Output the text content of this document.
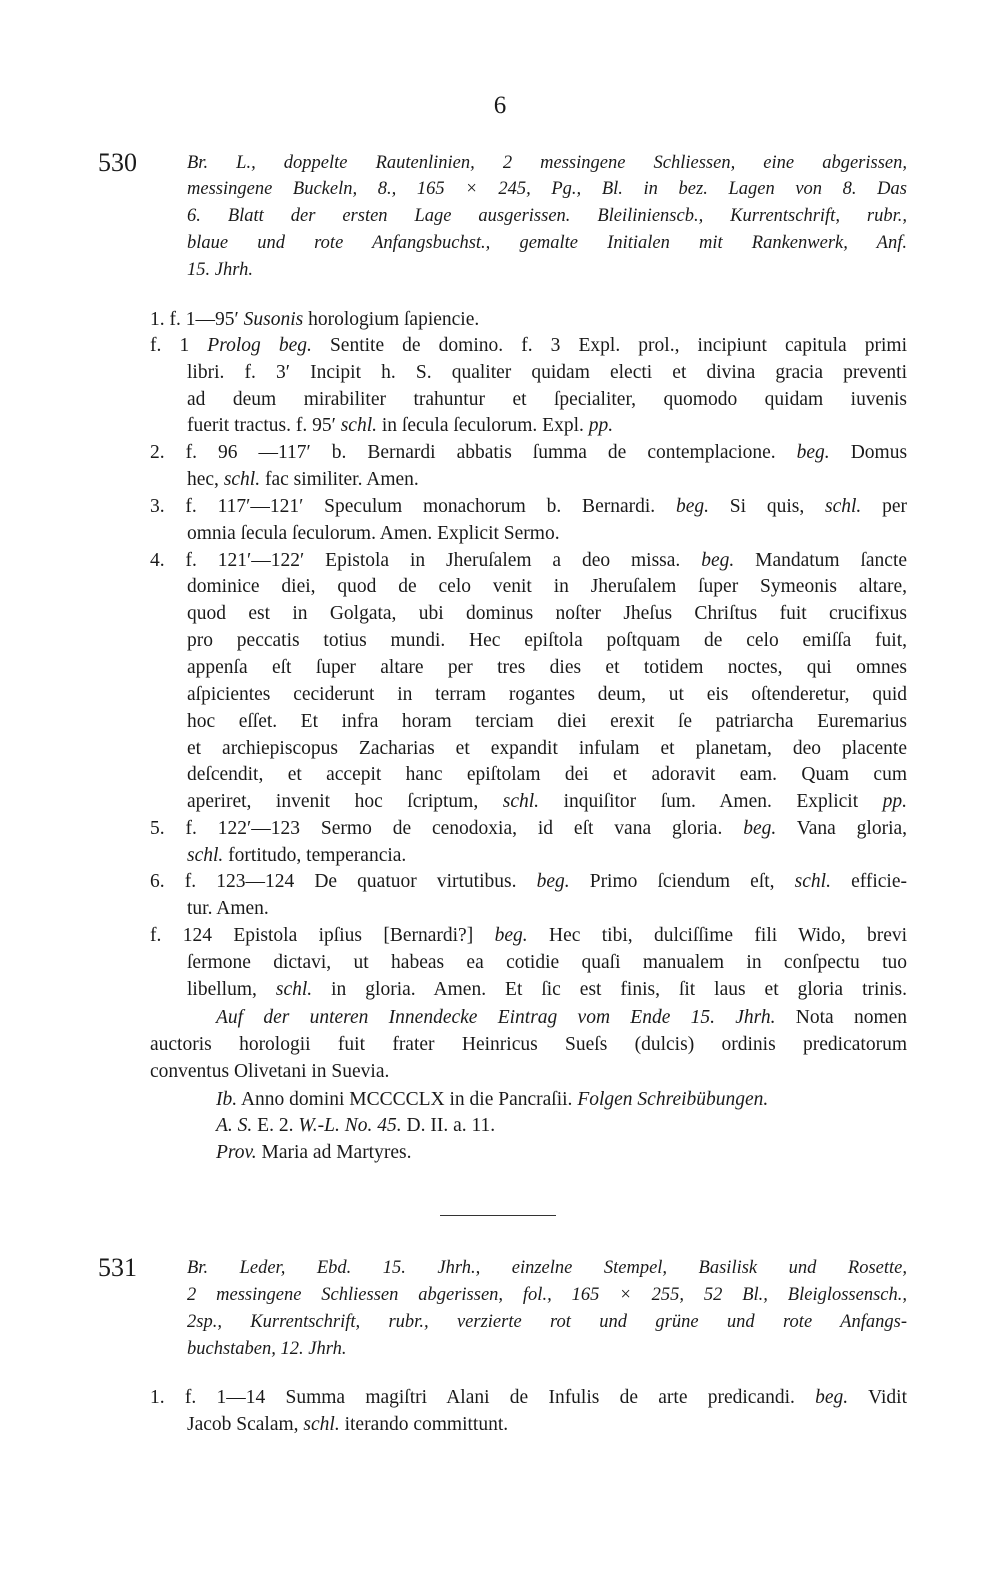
6
530	Br. L., doppelte Rautenlinien, 2 messingene Schliessen, eine abgerissen,
messingene Buckeln, 8., 165 × 245, Pg., Bl. in bez. Lagen von 8. Das
6. Blatt der ersten Lage ausgerissen. Bleilinienscb., Kurrentschrift, rubr.,
blaue und rote Anfangsbuchst., gemalte Initialen mit Rankenwerk, Anf.
15. Jhrh.
1. f. 1—95′ Susonis horologium ſapiencie.
f. 1 Prolog beg. Sentite de domino. f. 3 Expl. prol., incipiunt capitula primi
libri. f. 3′ Incipit h. S. qualiter quidam electi et divina gracia preventi
ad deum mirabiliter trahuntur et ſpecialiter, quomodo quidam iuvenis
fuerit tractus. f. 95′ schl. in ſecula ſeculorum. Expl. pp.
2. f. 96 —117′ b. Bernardi abbatis ſumma de contemplacione. beg. Domus
hec, schl. fac similiter. Amen.
3. f. 117′—121′ Speculum monachorum b. Bernardi. beg. Si quis, schl. per
omnia ſecula ſeculorum. Amen. Explicit Sermo.
4. f. 121′—122′ Epistola in Jheruſalem a deo missa. beg. Mandatum ſancte
dominice diei, quod de celo venit in Jheruſalem ſuper Symeonis altare,
quod est in Golgata, ubi dominus noſter Jheſus Chriſtus fuit crucifixus
pro peccatis totius mundi. Hec epiſtola poſtquam de celo emiſſa fuit,
appenſa eſt ſuper altare per tres dies et totidem noctes, qui omnes
aſpicientes ceciderunt in terram rogantes deum, ut eis oſtenderetur, quid
hoc eſſet. Et infra horam terciam diei erexit ſe patriarcha Euremarius
et archiepiscopus Zacharias et expandit infulam et planetam, deo placente
deſcendit, et accepit hanc epiſtolam dei et adoravit eam. Quam cum
aperiret, invenit hoc ſcriptum, schl. inquiſitor ſum. Amen. Explicit pp.
5. f. 122′—123 Sermo de cenodoxia, id eſt vana gloria. beg. Vana gloria,
schl. fortitudo, temperancia.
6. f. 123—124 De quatuor virtutibus. beg. Primo ſciendum eſt, schl. efficie-
tur. Amen.
f. 124 Epistola ipſius [Bernardi?] beg. Hec tibi, dulciſſime fili Wido, brevi
ſermone dictavi, ut habeas ea cotidie quaſi manualem in conſpectu tuo
libellum, schl. in gloria. Amen. Et ſic est finis, ſit laus et gloria trinis.
Auf der unteren Innendecke Eintrag vom Ende 15. Jhrh. Nota nomen
auctoris horologii fuit frater Heinricus Sueſs (dulcis) ordinis predicatorum
conventus Olivetani in Suevia.
Ib. Anno domini MCCCCLX in die Pancraſii. Folgen Schreibübungen.
A. S. E. 2. W.-L. No. 45. D. II. a. 11.
Prov. Maria ad Martyres.
531	Br. Leder, Ebd. 15. Jhrh., einzelne Stempel, Basilisk und Rosette,
2 messingene Schliessen abgerissen, fol., 165 × 255, 52 Bl., Bleiglossensch.,
2sp., Kurrentschrift, rubr., verzierte rot und grüne und rote Anfangs-
buchstaben, 12. Jhrh.
1. f. 1—14 Summa magiſtri Alani de Infulis de arte predicandi. beg. Vidit
Jacob Scalam, schl. iterando committunt.
